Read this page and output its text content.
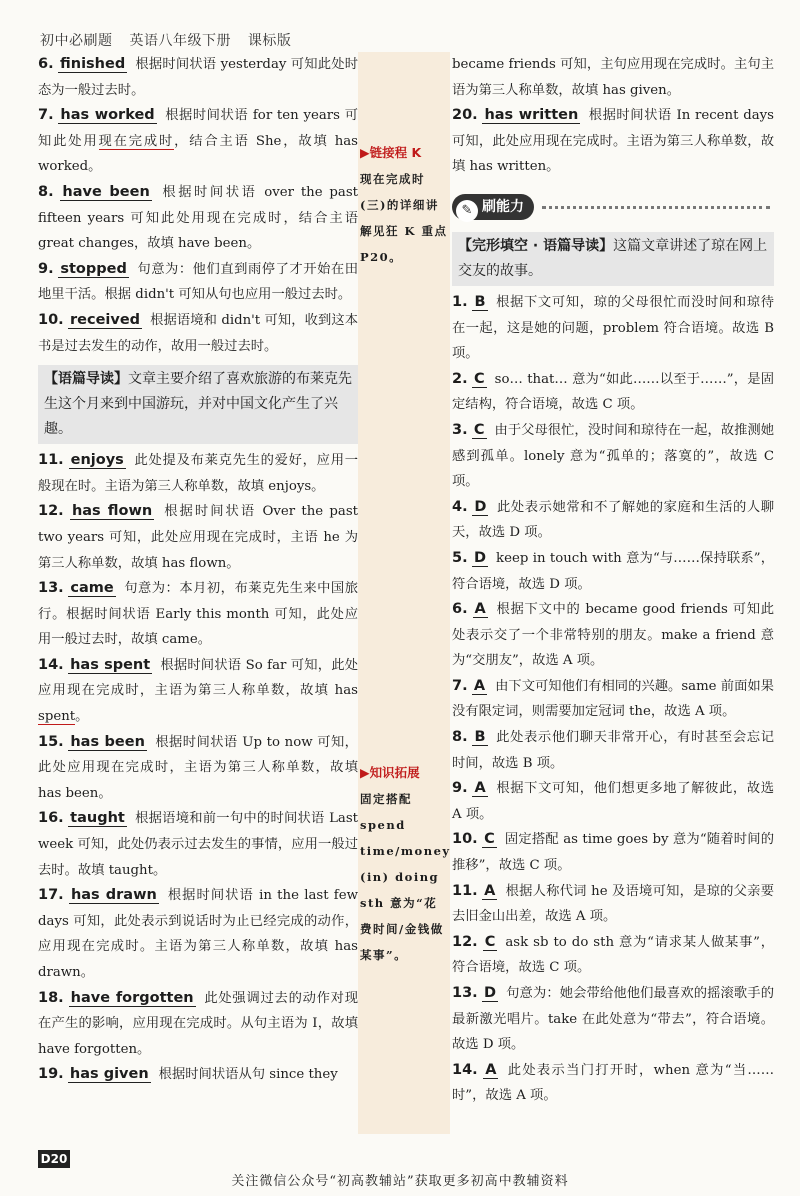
初中必刷题 英语八年级下册 课标版
▶链接程 K
现在完成时(三)的详细讲解见狂 K 重点 P20。
▶知识拓展
固定搭配 spend time/money (in) doing sth 意为“花费时间/金钱做某事”。
6. finished 根据时间状语 yesterday 可知此处时态为一般过去时。
7. has worked 根据时间状语 for ten years 可知此处用现在完成时，结合主语 She，故填 has worked。
8. have been 根据时间状语 over the past fifteen years 可知此处用现在完成时，结合主语 great changes，故填 have been。
9. stopped 句意为：他们直到雨停了才开始在田地里干活。根据 didn't 可知从句也应用一般过去时。
10. received 根据语境和 didn't 可知，收到这本书是过去发生的动作，故用一般过去时。
【语篇导读】文章主要介绍了喜欢旅游的布莱克先生这个月来到中国游玩，并对中国文化产生了兴趣。
11. enjoys 此处提及布莱克先生的爱好，应用一般现在时。主语为第三人称单数，故填 enjoys。
12. has flown 根据时间状语 Over the past two years 可知，此处应用现在完成时，主语 he 为第三人称单数，故填 has flown。
13. came 句意为：本月初，布莱克先生来中国旅行。根据时间状语 Early this month 可知，此处应用一般过去时，故填 came。
14. has spent 根据时间状语 So far 可知，此处应用现在完成时，主语为第三人称单数，故填 has spent。
15. has been 根据时间状语 Up to now 可知，此处应用现在完成时，主语为第三人称单数，故填 has been。
16. taught 根据语境和前一句中的时间状语 Last week 可知，此处仍表示过去发生的事情，应用一般过去时。故填 taught。
17. has drawn 根据时间状语 in the last few days 可知，此处表示到说话时为止已经完成的动作，应用现在完成时。主语为第三人称单数，故填 has drawn。
18. have forgotten 此处强调过去的动作对现在产生的影响，应用现在完成时。从句主语为 I，故填 have forgotten。
19. has given 根据时间状语从句 since they
became friends 可知，主句应用现在完成时。主句主语为第三人称单数，故填 has given。
20. has written 根据时间状语 In recent days 可知，此处应用现在完成时。主语为第三人称单数，故填 has written。
✎ 刷能力
【完形填空 · 语篇导读】这篇文章讲述了琼在网上交友的故事。
1. B 根据下文可知，琼的父母很忙而没时间和琼待在一起，这是她的问题，problem 符合语境。故选 B 项。
2. C so… that… 意为“如此……以至于……”，是固定结构，符合语境，故选 C 项。
3. C 由于父母很忙，没时间和琼待在一起，故推测她感到孤单。lonely 意为“孤单的；落寞的”，故选 C 项。
4. D 此处表示她常和不了解她的家庭和生活的人聊天，故选 D 项。
5. D keep in touch with 意为“与……保持联系”，符合语境，故选 D 项。
6. A 根据下文中的 became good friends 可知此处表示交了一个非常特别的朋友。make a friend 意为“交朋友”，故选 A 项。
7. A 由下文可知他们有相同的兴趣。same 前面如果没有限定词，则需要加定冠词 the，故选 A 项。
8. B 此处表示他们聊天非常开心，有时甚至会忘记时间，故选 B 项。
9. A 根据下文可知，他们想更多地了解彼此，故选 A 项。
10. C 固定搭配 as time goes by 意为“随着时间的推移”，故选 C 项。
11. A 根据人称代词 he 及语境可知，是琼的父亲要去旧金山出差，故选 A 项。
12. C ask sb to do sth 意为“请求某人做某事”，符合语境，故选 C 项。
13. D 句意为：她会带给他他们最喜欢的摇滚歌手的最新激光唱片。take 在此处意为“带去”，符合语境。故选 D 项。
14. A 此处表示当门打开时，when 意为“当……时”，故选 A 项。
D20
关注微信公众号“初高教辅站”获取更多初高中教辅资料
